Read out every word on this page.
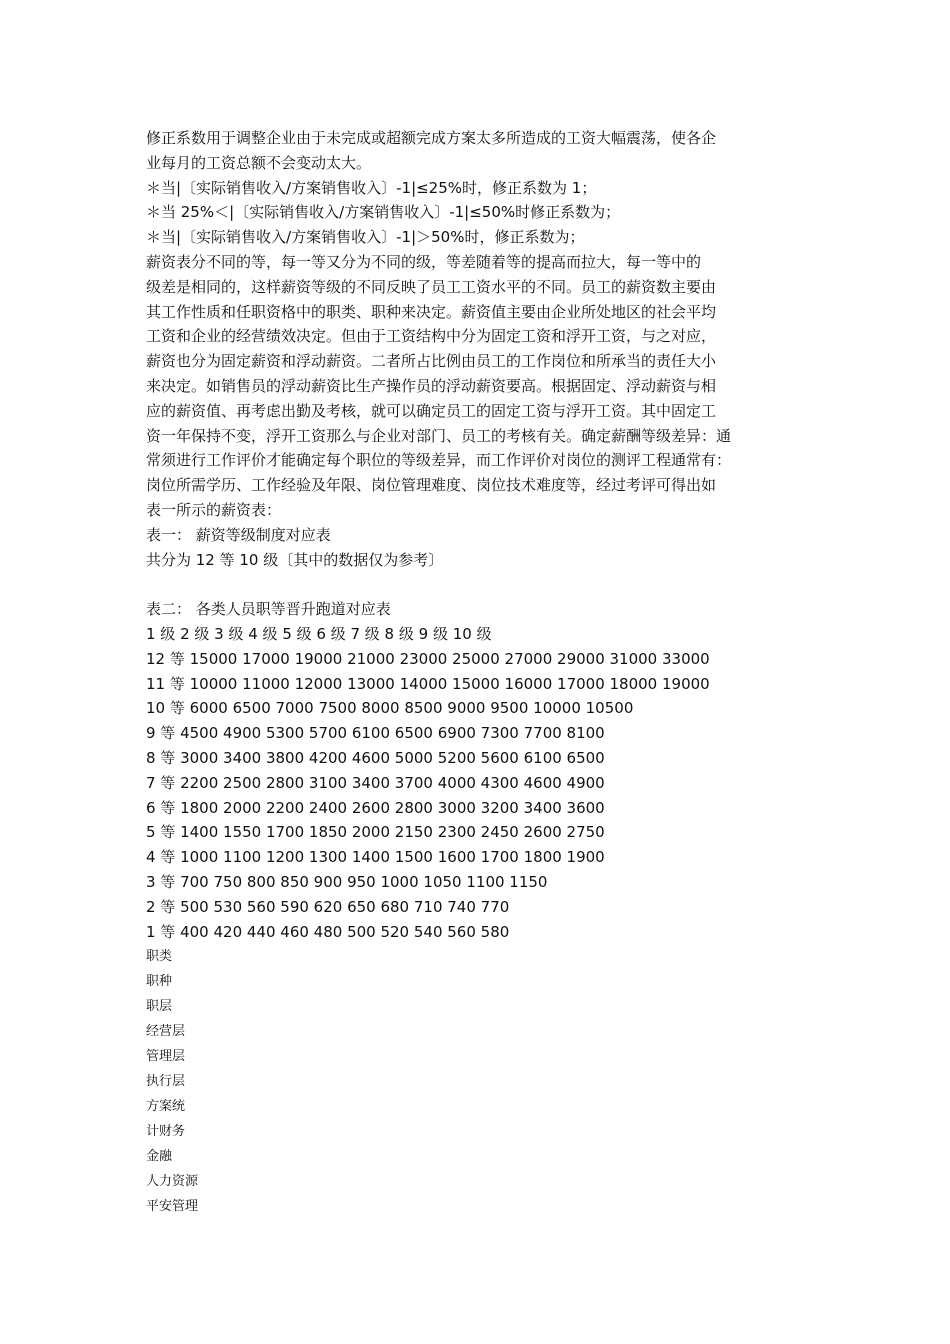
修正系数用于调整企业由于未完成或超额完成方案太多所造成的工资大幅震荡，使各企
业每月的工资总额不会变动太大。
＊当|〔实际销售收入/方案销售收入〕-1|≤25%时，修正系数为 1；
＊当 25%＜|〔实际销售收入/方案销售收入〕-1|≤50%时修正系数为；
＊当|〔实际销售收入/方案销售收入〕-1|＞50%时，修正系数为；
薪资表分不同的等，每一等又分为不同的级，等差随着等的提高而拉大，每一等中的
级差是相同的，这样薪资等级的不同反映了员工工资水平的不同。员工的薪资数主要由
其工作性质和任职资格中的职类、职种来决定。薪资值主要由企业所处地区的社会平均
工资和企业的经营绩效决定。但由于工资结构中分为固定工资和浮开工资，与之对应，
薪资也分为固定薪资和浮动薪资。二者所占比例由员工的工作岗位和所承当的责任大小
来决定。如销售员的浮动薪资比生产操作员的浮动薪资要高。根据固定、浮动薪资与相
应的薪资值、再考虑出勤及考核，就可以确定员工的固定工资与浮开工资。其中固定工
资一年保持不变，浮开工资那么与企业对部门、员工的考核有关。确定薪酬等级差异：通
常须进行工作评价才能确定每个职位的等级差异，而工作评价对岗位的测评工程通常有：
岗位所需学历、工作经验及年限、岗位管理难度、岗位技术难度等，经过考评可得出如
表一所示的薪资表：
表一： 薪资等级制度对应表
共分为 12 等 10 级〔其中的数据仅为参考〕
表二： 各类人员职等晋升跑道对应表
1 级 2 级 3 级 4 级 5 级 6 级 7 级 8 级 9 级 10 级
12 等 15000 17000 19000 21000 23000 25000 27000 29000 31000 33000
11 等 10000 11000 12000 13000 14000 15000 16000 17000 18000 19000
10 等 6000 6500 7000 7500 8000 8500 9000 9500 10000 10500
9 等 4500 4900 5300 5700 6100 6500 6900 7300 7700 8100
8 等 3000 3400 3800 4200 4600 5000 5200 5600 6100 6500
7 等 2200 2500 2800 3100 3400 3700 4000 4300 4600 4900
6 等 1800 2000 2200 2400 2600 2800 3000 3200 3400 3600
5 等 1400 1550 1700 1850 2000 2150 2300 2450 2600 2750
4 等 1000 1100 1200 1300 1400 1500 1600 1700 1800 1900
3 等 700 750 800 850 900 950 1000 1050 1100 1150
2 等 500 530 560 590 620 650 680 710 740 770
1 等 400 420 440 460 480 500 520 540 560 580
职类
职种
职层
经营层
管理层
执行层
方案统
计财务
金融
人力资源
平安管理
